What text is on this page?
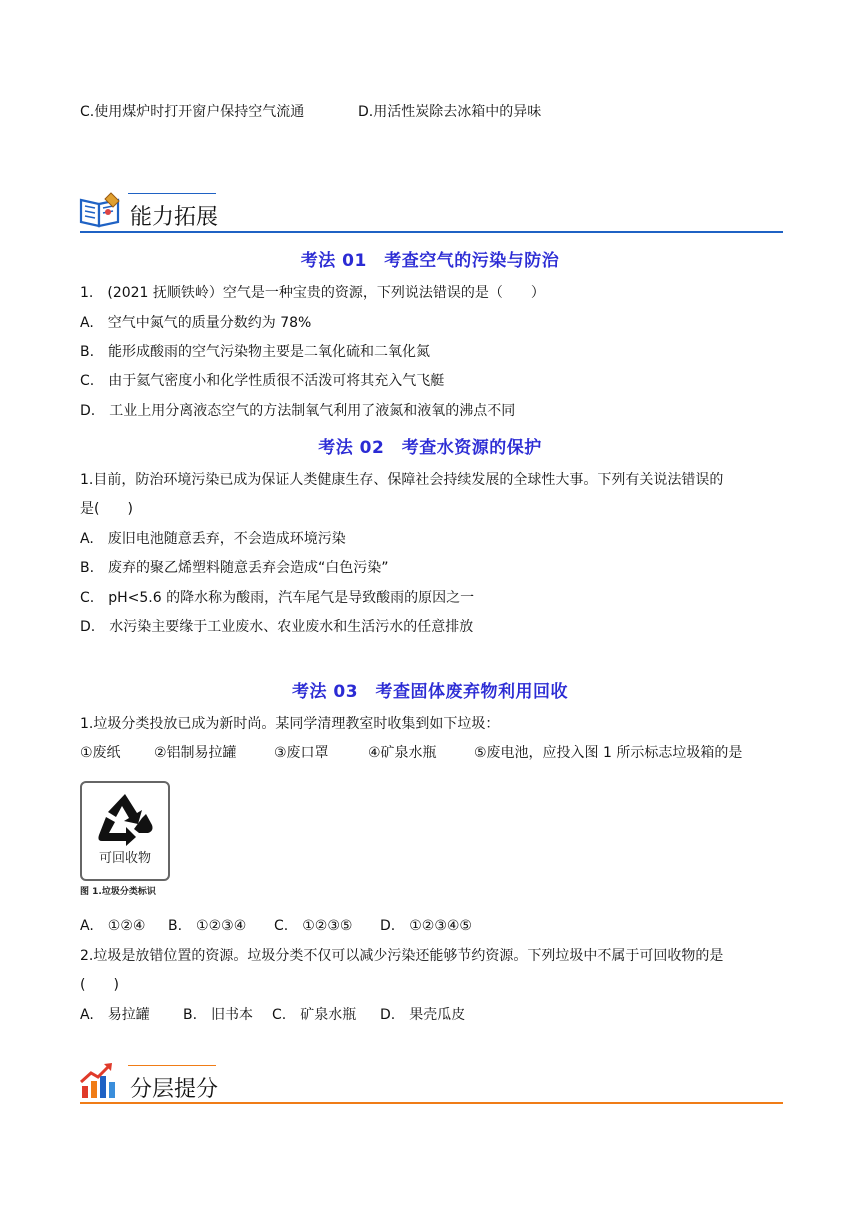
C.使用煤炉时打开窗户保持空气流通	D.用活性炭除去冰箱中的异味
能力拓展
考法 01　考查空气的污染与防治
1.　(2021 抚顺铁岭）空气是一种宝贵的资源，下列说法错误的是（　　）
A.　空气中氮气的质量分数约为 78%
B.　能形成酸雨的空气污染物主要是二氧化硫和二氧化氮
C.　由于氦气密度小和化学性质很不活泼可将其充入气飞艇
D.　工业上用分离液态空气的方法制氧气利用了液氮和液氧的沸点不同
考法 02　考查水资源的保护
1.目前，防治环境污染已成为保证人类健康生存、保障社会持续发展的全球性大事。下列有关说法错误的
是(　　)
A.　废旧电池随意丢弃，不会造成环境污染
B.　废弃的聚乙烯塑料随意丢弃会造成“白色污染”
C.　pH<5.6 的降水称为酸雨，汽车尾气是导致酸雨的原因之一
D.　水污染主要缘于工业废水、农业废水和生活污水的任意排放
考法 03　考查固体废弃物利用回收
1.垃圾分类投放已成为新时尚。某同学清理教室时收集到如下垃圾：
①废纸 ②铝制易拉罐	③废口罩	④矿泉水瓶	⑤废电池，应投入图 1 所示标志垃圾箱的是
可回收物
图 1.垃圾分类标识
A.　①②④ B.　①②③④ C.　①②③⑤ D.　①②③④⑤
2.垃圾是放错位置的资源。垃圾分类不仅可以减少污染还能够节约资源。下列垃圾中不属于可回收物的是
(　　)
A.　易拉罐 B.　旧书本 C.　矿泉水瓶 D.　果壳瓜皮
分层提分
